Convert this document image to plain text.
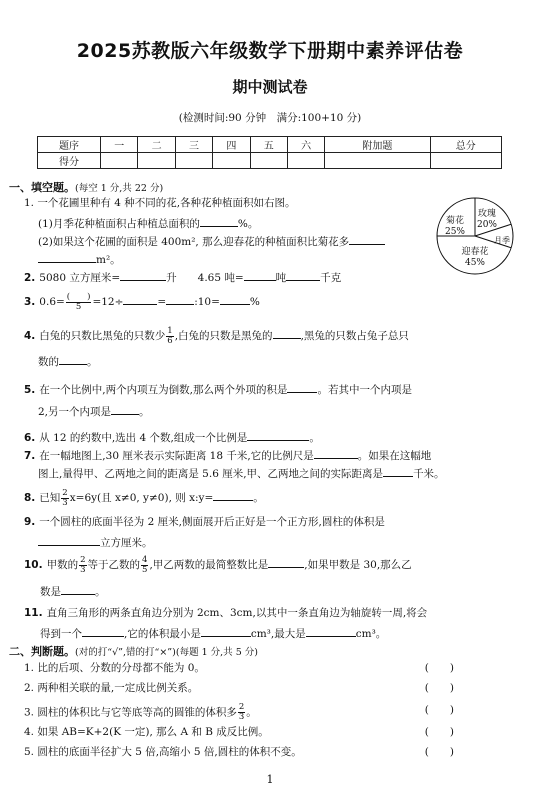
2025苏教版六年级数学下册期中素养评估卷
期中测试卷
(检测时间:90 分钟　满分:100+10 分)
题序	一	二	三	四	五	六	附加题	总分
得分								
一、填空题。(每空 1 分,共 22 分)
1. 一个花圃里种有 4 种不同的花,各种花种植面积如右图。
(1)月季花种植面积占种植总面积的	%。
(2)如果这个花圃的面积是 400m², 那么迎春花的种植面积比菊花多
m²。
菊花
25%
玫瑰
20%
月季
迎春花
45%
2. 5080 立方厘米=	升　　4.65 吨=	吨	千克
3. $0.6= \frac{( )}{5} =12\div$	=	:10=	%
4. 白兔的只数比黑兔的只数少 $\frac{1}{6}$ ,白兔的只数是黑兔的	,黑兔的只数占兔子总只
数的	。
5. 在一个比例中,两个内项互为倒数,那么两个外项的积是	。若其中一个内项是
2,另一个内项是	。
6. 从 12 的约数中,选出 4 个数,组成一个比例是	。
7. 在一幅地图上,30 厘米表示实际距离 18 千米,它的比例尺是	。如果在这幅地
图上,量得甲、乙两地之间的距离是 5.6 厘米,甲、乙两地之间的实际距离是	千米。
8. 已知 $\frac{2}{3} x=6y$(且 x≠0, y≠0), 则 x:y=	。
9. 一个圆柱的底面半径为 2 厘米,侧面展开后正好是一个正方形,圆柱的体积是
立方厘米。
10. 甲数的 $\frac{2}{3}$ 等于乙数的 $\frac{4}{5}$ ,甲乙两数的最简整数比是	,如果甲数是 30,那么乙
数是	。
11. 直角三角形的两条直角边分别为 2cm、3cm,以其中一条直角边为轴旋转一周,将会
得到一个	,它的体积最小是	cm³,最大是	cm³。
二、判断题。(对的打“√”,错的打“×”)(每题 1 分,共 5 分)
1. 比的后项、分数的分母都不能为 0。	(　　)
2. 两种相关联的量,一定成比例关系。	(　　)
3. 圆柱的体积比与它等底等高的圆锥的体积多 $\frac{2}{3}$ 。	(　　)
4. 如果 AB=K+2(K 一定), 那么 A 和 B 成反比例。	(　　)
5. 圆柱的底面半径扩大 5 倍,高缩小 5 倍,圆柱的体积不变。	(　　)
1
